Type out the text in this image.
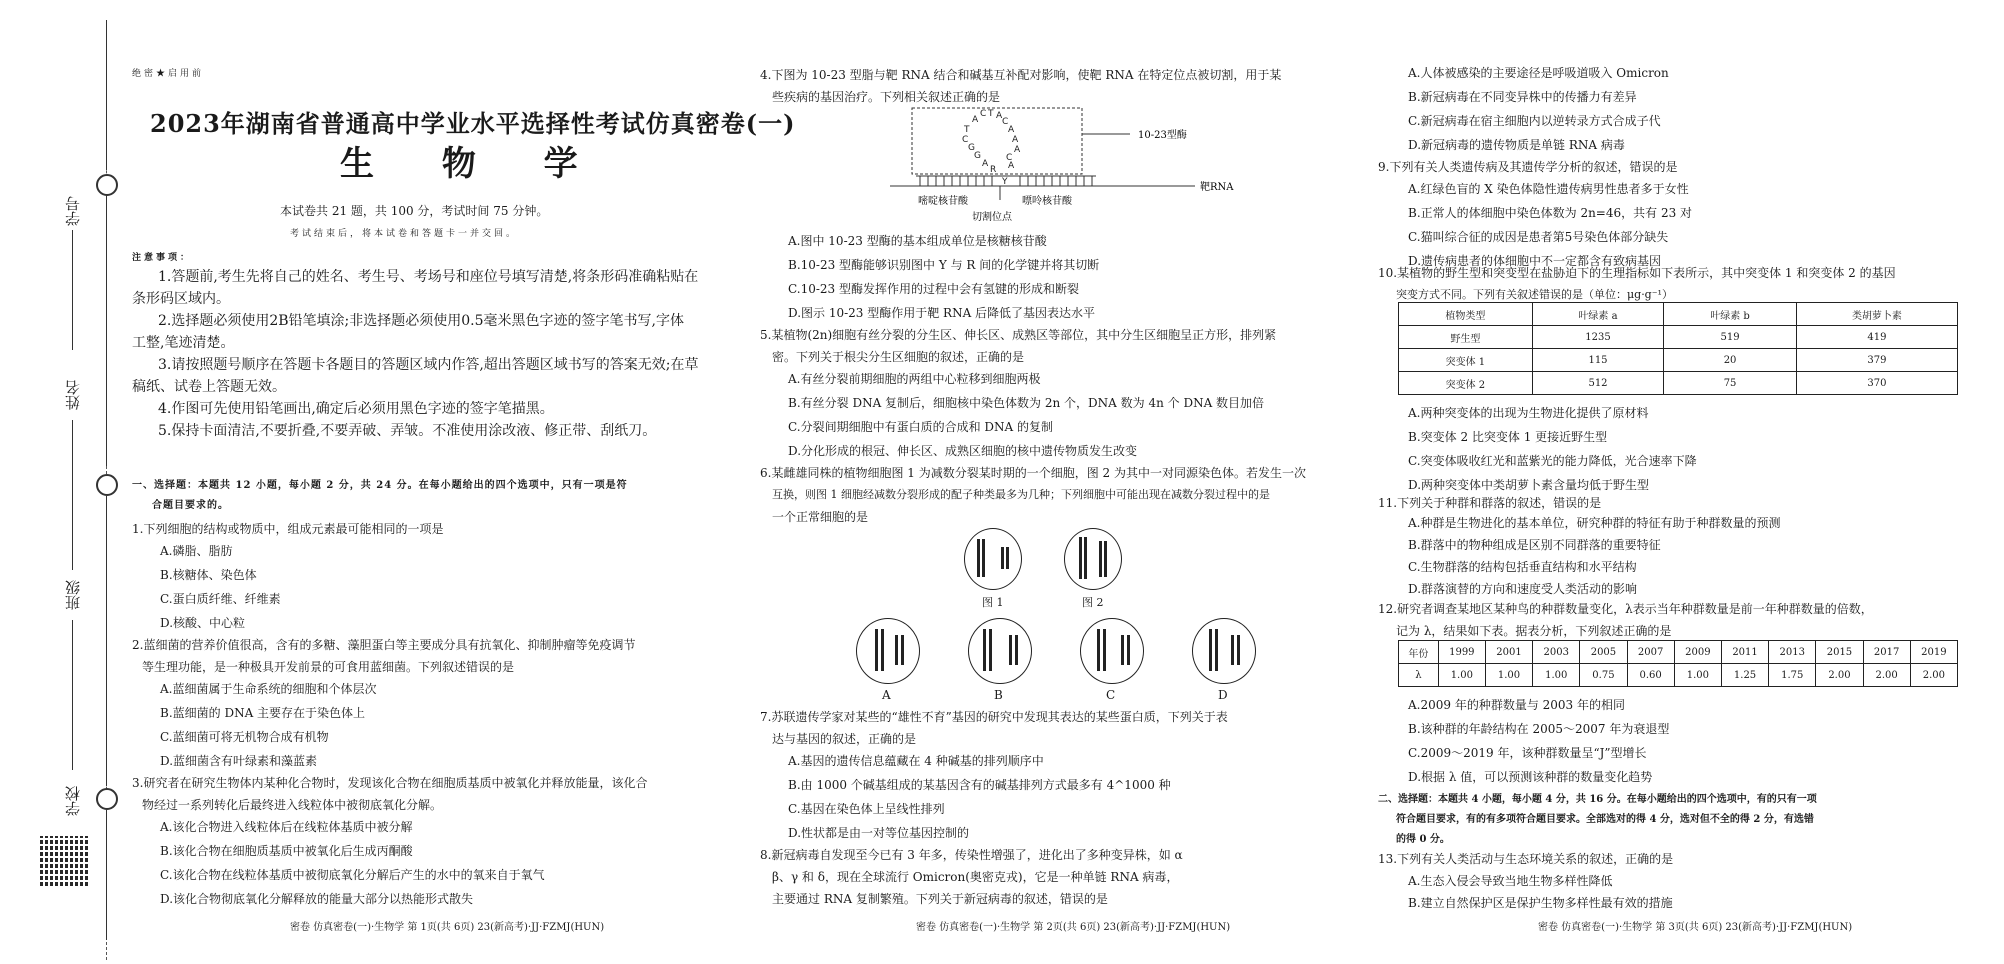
学号
姓名
班级
学校
绝密★启用前
2023年湖南省普通高中学业水平选择性考试仿真密卷(一)
生 物 学
本试卷共 21 题，共 100 分，考试时间 75 分钟。
考试结束后，将本试卷和答题卡一并交回。
注意事项：
1.答题前,考生先将自己的姓名、考生号、考场号和座位号填写清楚,将条形码准确粘贴在
条形码区域内。
2.选择题必须使用2B铅笔填涂;非选择题必须使用0.5毫米黑色字迹的签字笔书写,字体
工整,笔迹清楚。
3.请按照题号顺序在答题卡各题目的答题区域内作答,超出答题区域书写的答案无效;在草
稿纸、试卷上答题无效。
4.作图可先使用铅笔画出,确定后必须用黑色字迹的签字笔描黑。
5.保持卡面清洁,不要折叠,不要弄破、弄皱。不准使用涂改液、修正带、刮纸刀。
一、选择题：本题共 12 小题，每小题 2 分，共 24 分。在每小题给出的四个选项中，只有一项是符
合题目要求的。
1.下列细胞的结构或物质中，组成元素最可能相同的一项是
A.磷脂、脂肪
B.核糖体、染色体
C.蛋白质纤维、纤维素
D.核酸、中心粒
2.蓝细菌的营养价值很高，含有的多糖、藻胆蛋白等主要成分具有抗氧化、抑制肿瘤等免疫调节
等生理功能，是一种极具开发前景的可食用蓝细菌。下列叙述错误的是
A.蓝细菌属于生命系统的细胞和个体层次
B.蓝细菌的 DNA 主要存在于染色体上
C.蓝细菌可将无机物合成有机物
D.蓝细菌含有叶绿素和藻蓝素
3.研究者在研究生物体内某种化合物时，发现该化合物在细胞质基质中被氧化并释放能量，该化合
物经过一系列转化后最终进入线粒体中被彻底氧化分解。
A.该化合物进入线粒体后在线粒体基质中被分解
B.该化合物在细胞质基质中被氧化后生成丙酮酸
C.该化合物在线粒体基质中被彻底氧化分解后产生的水中的氧来自于氧气
D.该化合物彻底氧化分解释放的能量大部分以热能形式散失
密卷 仿真密卷(一)·生物学 第 1页(共 6页) 23(新高考)·JJ·FZMJ(HUN)
4.下图为 10-23 型脂与靶 RNA 结合和碱基互补配对影响，使靶 RNA 在特定位点被切割，用于某
些疾病的基因治疗。下列相关叙述正确的是
A
C T A
C
A
A
A
T
C
G
G
A
R
Y
A
C
10-23型酶
靶RNA
嘧啶核苷酸	嘌呤核苷酸
切割位点
A.图中 10-23 型酶的基本组成单位是核糖核苷酸
B.10-23 型酶能够识别图中 Y 与 R 间的化学键并将其切断
C.10-23 型酶发挥作用的过程中会有氢键的形成和断裂
D.图示 10-23 型酶作用于靶 RNA 后降低了基因表达水平
5.某植物(2n)细胞有丝分裂的分生区、伸长区、成熟区等部位，其中分生区细胞呈正方形，排列紧
密。下列关于根尖分生区细胞的叙述，正确的是
A.有丝分裂前期细胞的两组中心粒移到细胞两极
B.有丝分裂 DNA 复制后，细胞核中染色体数为 2n 个，DNA 数为 4n 个 DNA 数目加倍
C.分裂间期细胞中有蛋白质的合成和 DNA 的复制
D.分化形成的根冠、伸长区、成熟区细胞的核中遗传物质发生改变
6.某雌雄同株的植物细胞图 1 为减数分裂某时期的一个细胞，图 2 为其中一对同源染色体。若发生一次
互换，则图 1 细胞经减数分裂形成的配子种类最多为几种；下列细胞中可能出现在减数分裂过程中的是
一个正常细胞的是
图 1	图 2
A	B	C	D
7.苏联遗传学家对某些的“雄性不育”基因的研究中发现其表达的某些蛋白质，下列关于表
达与基因的叙述，正确的是
A.基因的遗传信息蕴藏在 4 种碱基的排列顺序中
B.由 1000 个碱基组成的某基因含有的碱基排列方式最多有 4^1000 种
C.基因在染色体上呈线性排列
D.性状都是由一对等位基因控制的
8.新冠病毒自发现至今已有 3 年多，传染性增强了，进化出了多种变异株，如 α
β、γ 和 δ，现在全球流行 Omicron(奥密克戎)，它是一种单链 RNA 病毒，
主要通过 RNA 复制繁殖。下列关于新冠病毒的叙述，错误的是
密卷 仿真密卷(一)·生物学 第 2页(共 6页) 23(新高考)·JJ·FZMJ(HUN)
A.人体被感染的主要途径是呼吸道吸入 Omicron
B.新冠病毒在不同变异株中的传播力有差异
C.新冠病毒在宿主细胞内以逆转录方式合成子代
D.新冠病毒的遗传物质是单链 RNA 病毒
9.下列有关人类遗传病及其遗传学分析的叙述，错误的是
A.红绿色盲的 X 染色体隐性遗传病男性患者多于女性
B.正常人的体细胞中染色体数为 2n=46，共有 23 对
C.猫叫综合征的成因是患者第5号染色体部分缺失
D.遗传病患者的体细胞中不一定都含有致病基因
10.某植物的野生型和突变型在盐胁迫下的生理指标如下表所示，其中突变体 1 和突变体 2 的基因
突变方式不同。下列有关叙述错误的是（单位：μg·g⁻¹）
植物类型	叶绿素 a	叶绿素 b	类胡萝卜素
野生型	1235	519	419
突变体 1	115	20	379
突变体 2	512	75	370
A.两种突变体的出现为生物进化提供了原材料
B.突变体 2 比突变体 1 更接近野生型
C.突变体吸收红光和蓝紫光的能力降低，光合速率下降
D.两种突变体中类胡萝卜素含量均低于野生型
11.下列关于种群和群落的叙述，错误的是
A.种群是生物进化的基本单位，研究种群的特征有助于种群数量的预测
B.群落中的物种组成是区别不同群落的重要特征
C.生物群落的结构包括垂直结构和水平结构
D.群落演替的方向和速度受人类活动的影响
12.研究者调查某地区某种鸟的种群数量变化，λ表示当年种群数量是前一年种群数量的倍数，
记为 λ，结果如下表。据表分析，下列叙述正确的是
年份	1999	2001	2003	2005	2007	2009	2011	2013	2015	2017	2019
λ	1.00	1.00	1.00	0.75	0.60	1.00	1.25	1.75	2.00	2.00	2.00
A.2009 年的种群数量与 2003 年的相同
B.该种群的年龄结构在 2005～2007 年为衰退型
C.2009～2019 年，该种群数量呈“J”型增长
D.根据 λ 值，可以预测该种群的数量变化趋势
二、选择题：本题共 4 小题，每小题 4 分，共 16 分。在每小题给出的四个选项中，有的只有一项
符合题目要求，有的有多项符合题目要求。全部选对的得 4 分，选对但不全的得 2 分，有选错
的得 0 分。
13.下列有关人类活动与生态环境关系的叙述，正确的是
A.生态入侵会导致当地生物多样性降低
B.建立自然保护区是保护生物多样性最有效的措施
密卷 仿真密卷(一)·生物学 第 3页(共 6页) 23(新高考)·JJ·FZMJ(HUN)
